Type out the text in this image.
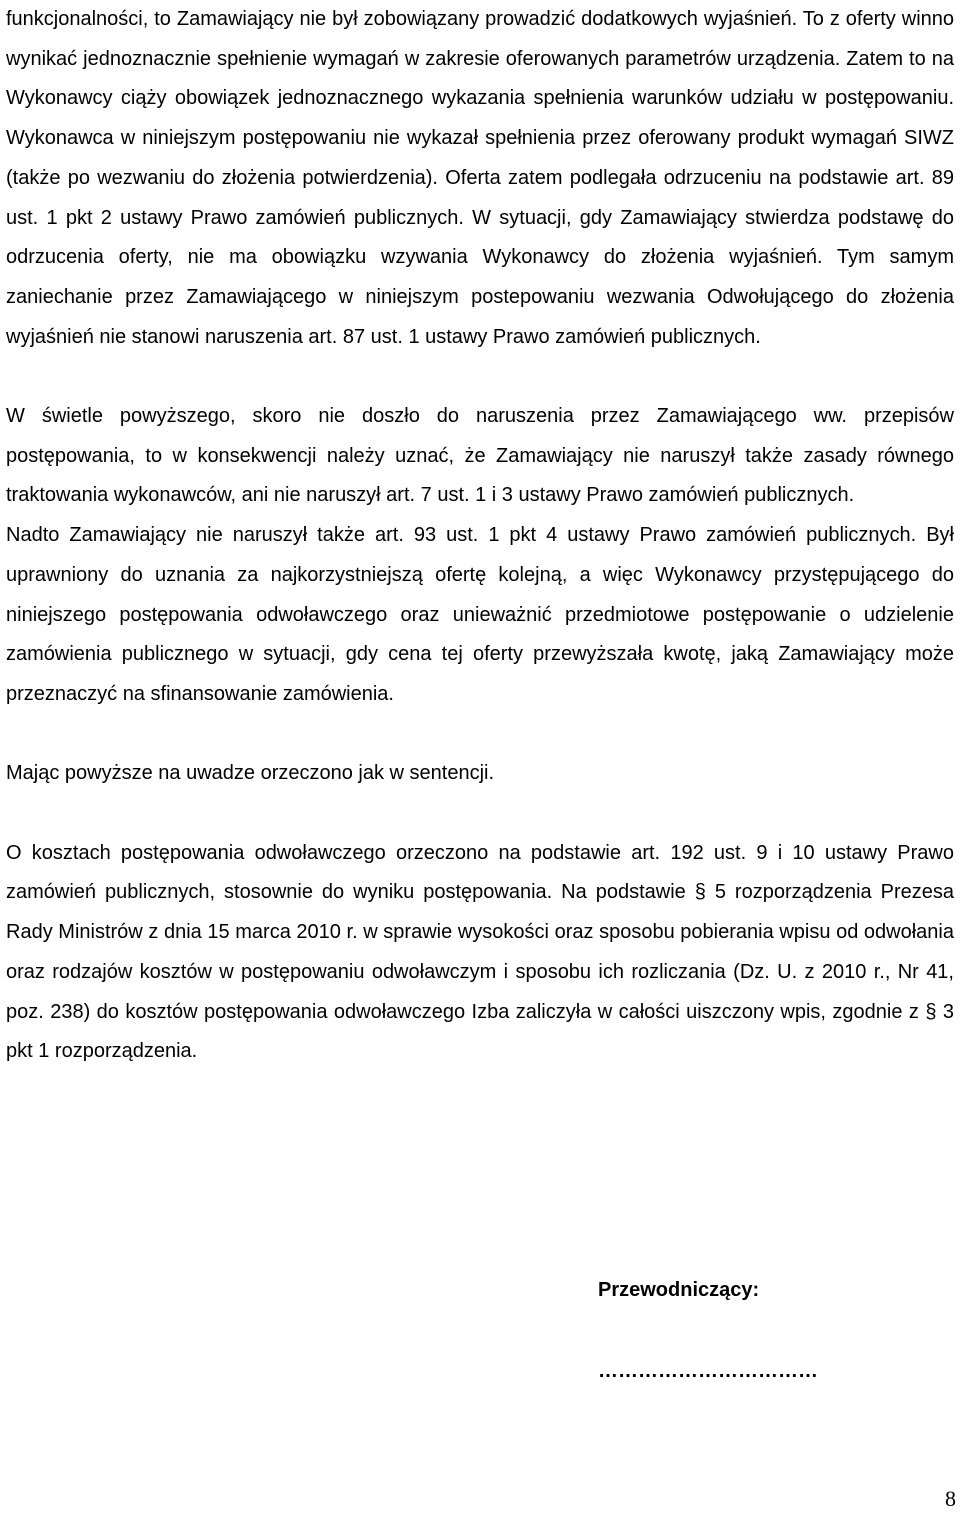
funkcjonalności, to Zamawiający nie był zobowiązany prowadzić dodatkowych wyjaśnień. To z oferty winno wynikać jednoznacznie spełnienie wymagań w zakresie oferowanych parametrów urządzenia. Zatem to na Wykonawcy ciąży obowiązek jednoznacznego wykazania spełnienia warunków udziału w postępowaniu. Wykonawca w niniejszym postępowaniu nie wykazał spełnienia przez oferowany produkt wymagań SIWZ (także po wezwaniu do złożenia potwierdzenia). Oferta zatem podlegała odrzuceniu na podstawie art. 89 ust. 1 pkt 2 ustawy Prawo zamówień publicznych. W sytuacji, gdy Zamawiający stwierdza podstawę do odrzucenia oferty, nie ma obowiązku wzywania Wykonawcy do złożenia wyjaśnień. Tym samym zaniechanie przez Zamawiającego w niniejszym postepowaniu wezwania Odwołującego do złożenia wyjaśnień nie stanowi naruszenia art. 87 ust. 1 ustawy Prawo zamówień publicznych.

W świetle powyższego, skoro nie doszło do naruszenia przez Zamawiającego ww. przepisów postępowania, to w konsekwencji należy uznać, że Zamawiający nie naruszył także zasady równego traktowania wykonawców, ani nie naruszył art. 7 ust. 1 i 3 ustawy Prawo zamówień publicznych.

Nadto Zamawiający nie naruszył także art. 93 ust. 1 pkt 4 ustawy Prawo zamówień publicznych. Był uprawniony do uznania za najkorzystniejszą ofertę kolejną, a więc Wykonawcy przystępującego do niniejszego postępowania odwoławczego oraz unieważnić przedmiotowe postępowanie o udzielenie zamówienia publicznego w sytuacji, gdy cena tej oferty przewyższała kwotę, jaką Zamawiający może przeznaczyć na sfinansowanie zamówienia.

Mając powyższe na uwadze orzeczono jak w sentencji.

O kosztach postępowania odwoławczego orzeczono na podstawie art. 192 ust. 9 i 10 ustawy Prawo zamówień publicznych, stosownie do wyniku postępowania. Na podstawie § 5 rozporządzenia Prezesa Rady Ministrów z dnia 15 marca 2010 r. w sprawie wysokości oraz sposobu pobierania wpisu od odwołania oraz rodzajów kosztów w postępowaniu odwoławczym i sposobu ich rozliczania (Dz. U. z 2010 r., Nr 41, poz. 238) do kosztów postępowania odwoławczego Izba zaliczyła w całości uiszczony wpis, zgodnie z § 3 pkt 1 rozporządzenia.

Przewodniczący:

……………………………

8
